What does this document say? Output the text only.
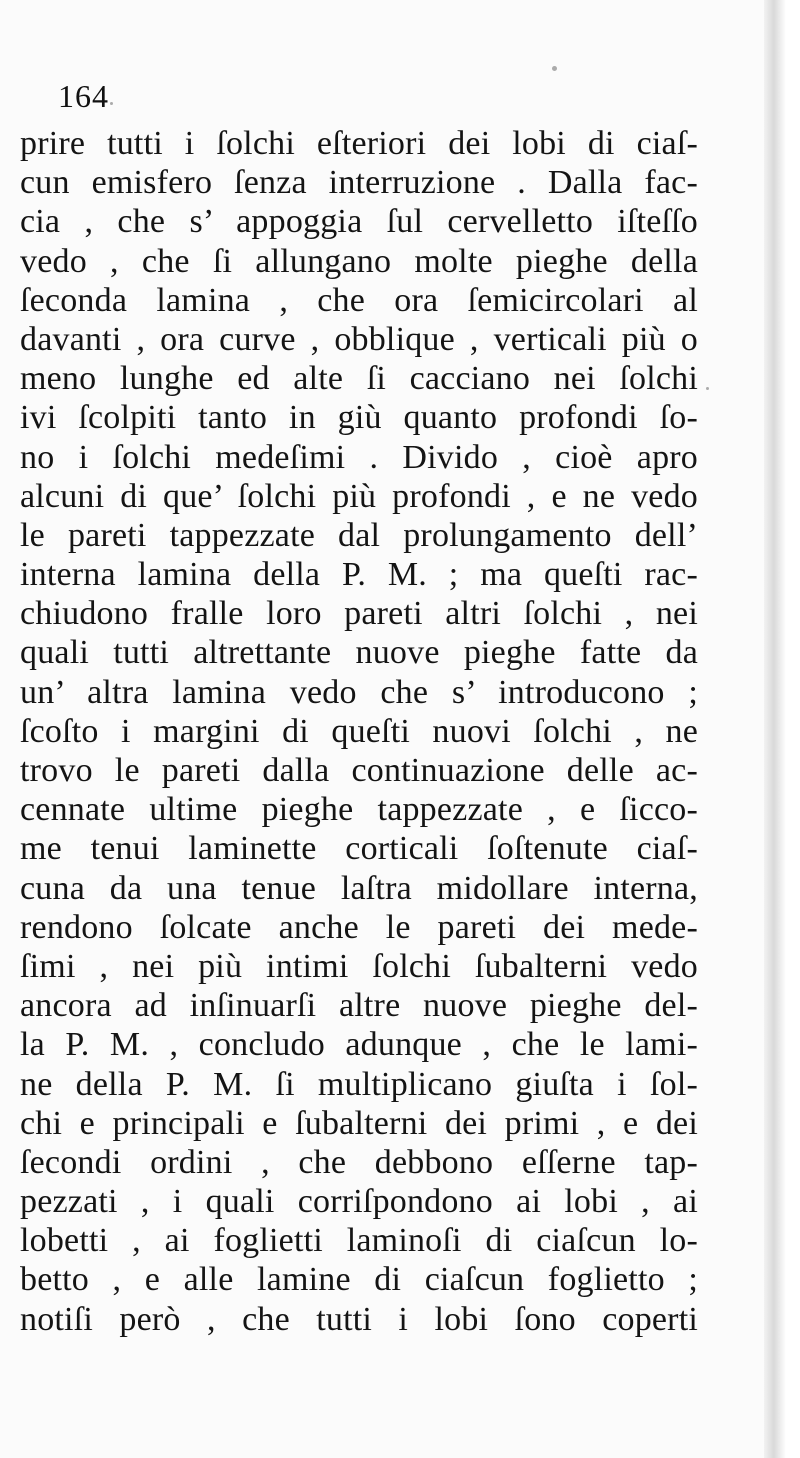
164
prire tutti i ſolchi eſteriori dei lobi di ciaſ-
cun emisfero ſenza interruzione . Dalla fac-
cia , che s’ appoggia ſul cervelletto iſteſſo
vedo , che ſi allungano molte pieghe della
ſeconda lamina , che ora ſemicircolari al
davanti , ora curve , obblique , verticali più o
meno lunghe ed alte ſi cacciano nei ſolchi
ivi ſcolpiti tanto in giù quanto profondi ſo-
no i ſolchi medeſimi . Divido , cioè apro
alcuni di que’ ſolchi più profondi , e ne vedo
le pareti tappezzate dal prolungamento dell’
interna lamina della P. M. ; ma queſti rac-
chiudono fralle loro pareti altri ſolchi , nei
quali tutti altrettante nuove pieghe fatte da
un’ altra lamina vedo che s’ introducono ;
ſcoſto i margini di queſti nuovi ſolchi , ne
trovo le pareti dalla continuazione delle ac-
cennate ultime pieghe tappezzate , e ſicco-
me tenui laminette corticali ſoſtenute ciaſ-
cuna da una tenue laſtra midollare interna,
rendono ſolcate anche le pareti dei mede-
ſimi , nei più intimi ſolchi ſubalterni vedo
ancora ad inſinuarſi altre nuove pieghe del-
la P. M. , concludo adunque , che le lami-
ne della P. M. ſi multiplicano giuſta i ſol-
chi e principali e ſubalterni dei primi , e dei
ſecondi ordini , che debbono eſſerne tap-
pezzati , i quali corriſpondono ai lobi , ai
lobetti , ai foglietti laminoſi di ciaſcun lo-
betto , e alle lamine di ciaſcun foglietto ;
notiſi però , che tutti i lobi ſono coperti
